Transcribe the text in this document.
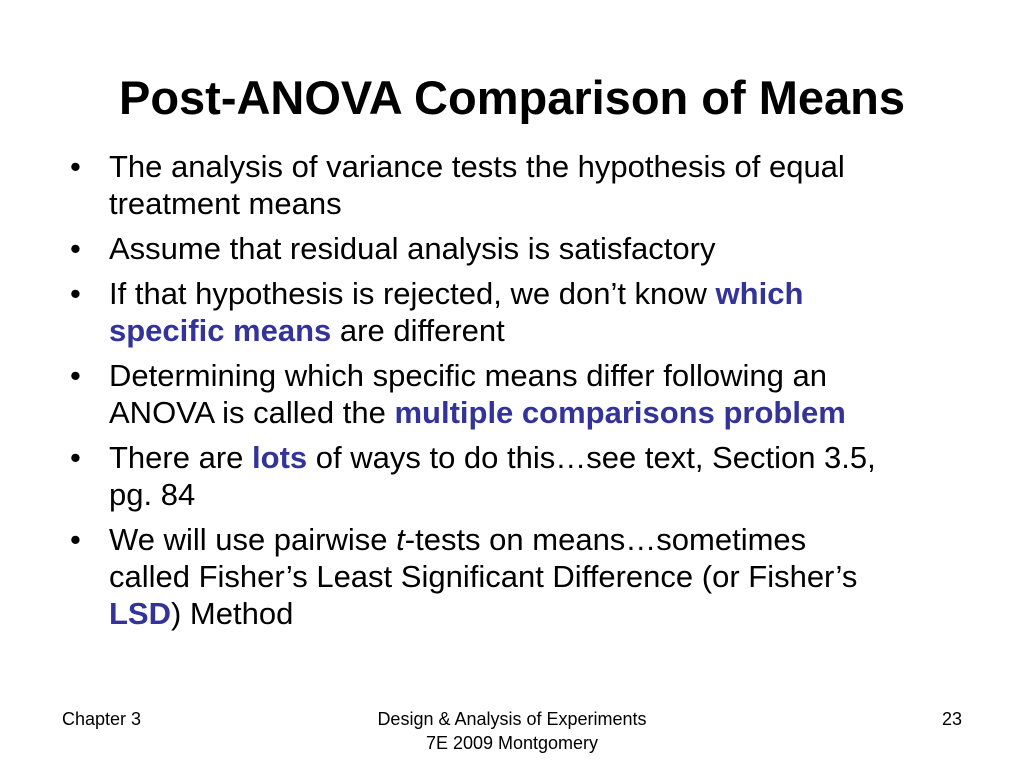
Post-ANOVA Comparison of Means
• The analysis of variance tests the hypothesis of equal
treatment means
• Assume that residual analysis is satisfactory
• If that hypothesis is rejected, we don’t know which
specific means are different
• Determining which specific means differ following an
ANOVA is called the multiple comparisons problem
• There are lots of ways to do this…see text, Section 3.5,
pg. 84
• We will use pairwise t-tests on means…sometimes
called Fisher’s Least Significant Difference (or Fisher’s
LSD) Method
Chapter 3	Design & Analysis of Experiments
7E 2009 Montgomery
23
